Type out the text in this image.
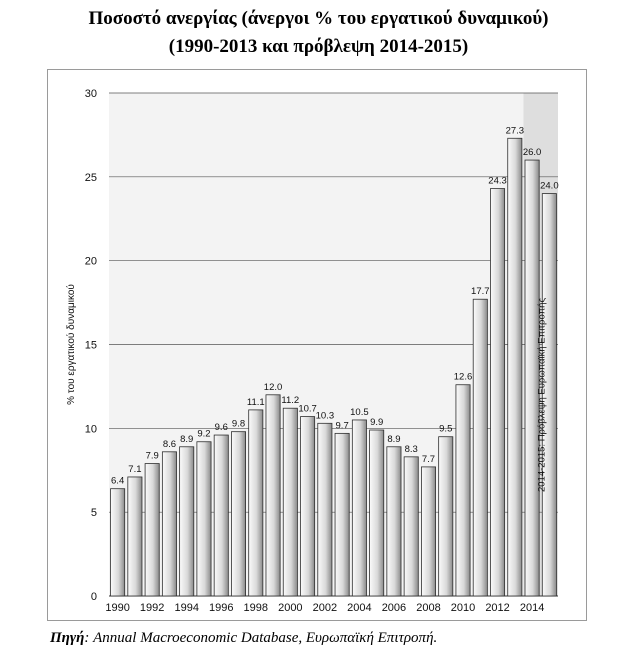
Ποσοστό ανεργίας (άνεργοι % του εργατικού δυναμικού)
(1990-2013 και πρόβλεψη 2014-2015)
0
5
10
15
20
25
30
6.4
7.1
7.9
8.6 8.9 9.2
9.6 9.8
11.1
12.0
11.2
10.7
10.3
9.7
10.5
9.9
8.9
8.3
7.7
9.5
12.6
17.7
24.3
27.3
26.0
24.0
1990 1992 1994 1996 1998 2000 2002 2004 2006 2008 2010 2012 2014
% του εργατικού δυναμικού	2014-2015: Πρόβλεψη Ευρωπαϊκή Επιτροπής
Πηγή: Annual Macroeconomic Database, Ευρωπαϊκή Επιτροπή.
